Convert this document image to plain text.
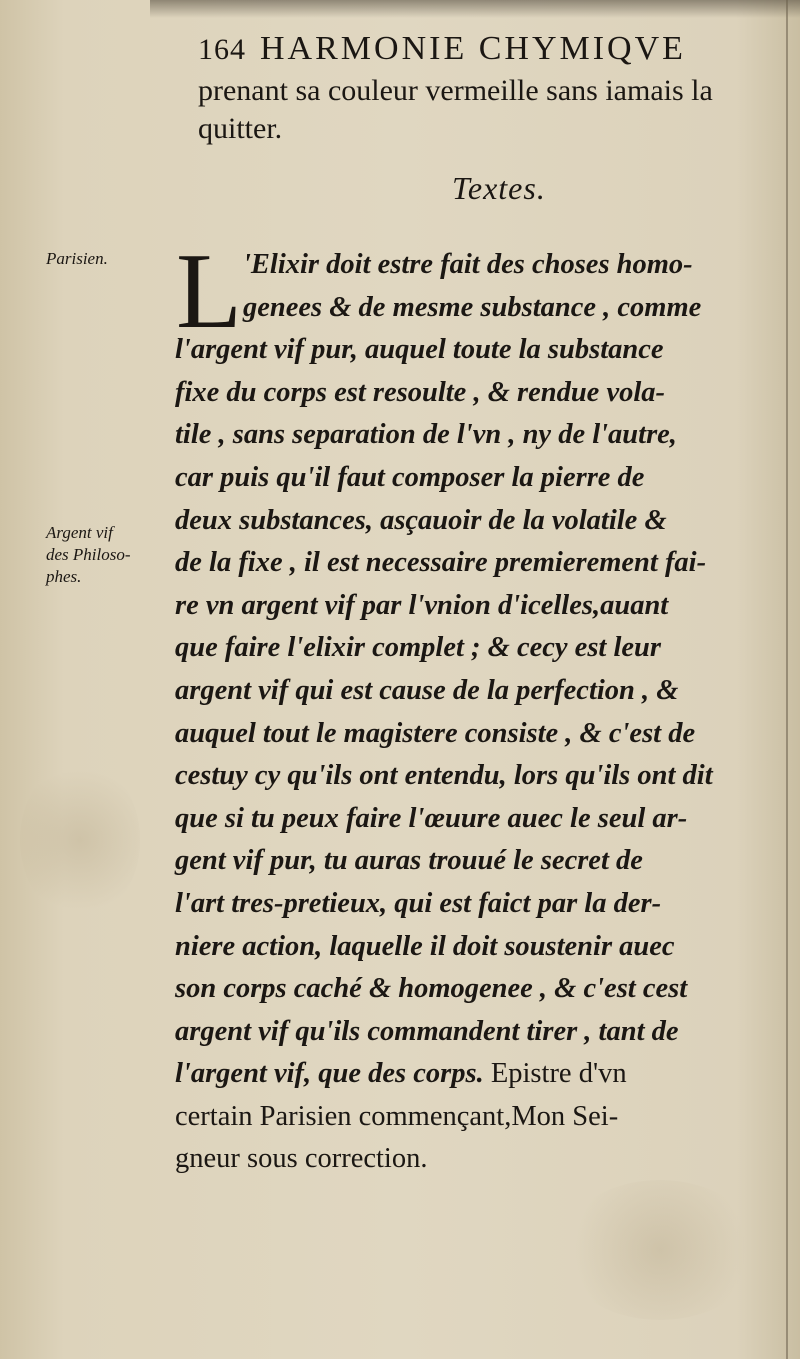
164 HARMONIE CHYMIQVE
prenant sa couleur vermeille sans iamais la
quitter.
Textes.
Parisien.
Argent vif
des Philoso-
phes.
L 'Elixir doit estre fait des choses homo-
genees & de mesme substance , comme
l'argent vif pur, auquel toute la substance
fixe du corps est resoulte , & rendue vola-
tile , sans separation de l'vn , ny de l'autre,
car puis qu'il faut composer la pierre de
deux substances, asçauoir de la volatile &
de la fixe , il est necessaire premierement fai-
re vn argent vif par l'vnion d'icelles,auant
que faire l'elixir complet ; & cecy est leur
argent vif qui est cause de la perfection , &
auquel tout le magistere consiste , & c'est de
cestuy cy qu'ils ont entendu, lors qu'ils ont dit
que si tu peux faire l'œuure auec le seul ar-
gent vif pur, tu auras trouué le secret de
l'art tres-pretieux, qui est faict par la der-
niere action, laquelle il doit soustenir auec
son corps caché & homogenee , & c'est cest
argent vif qu'ils commandent tirer , tant de
l'argent vif, que des corps. Epistre d'vn
certain Parisien commençant,Mon Sei-
gneur sous correction.
